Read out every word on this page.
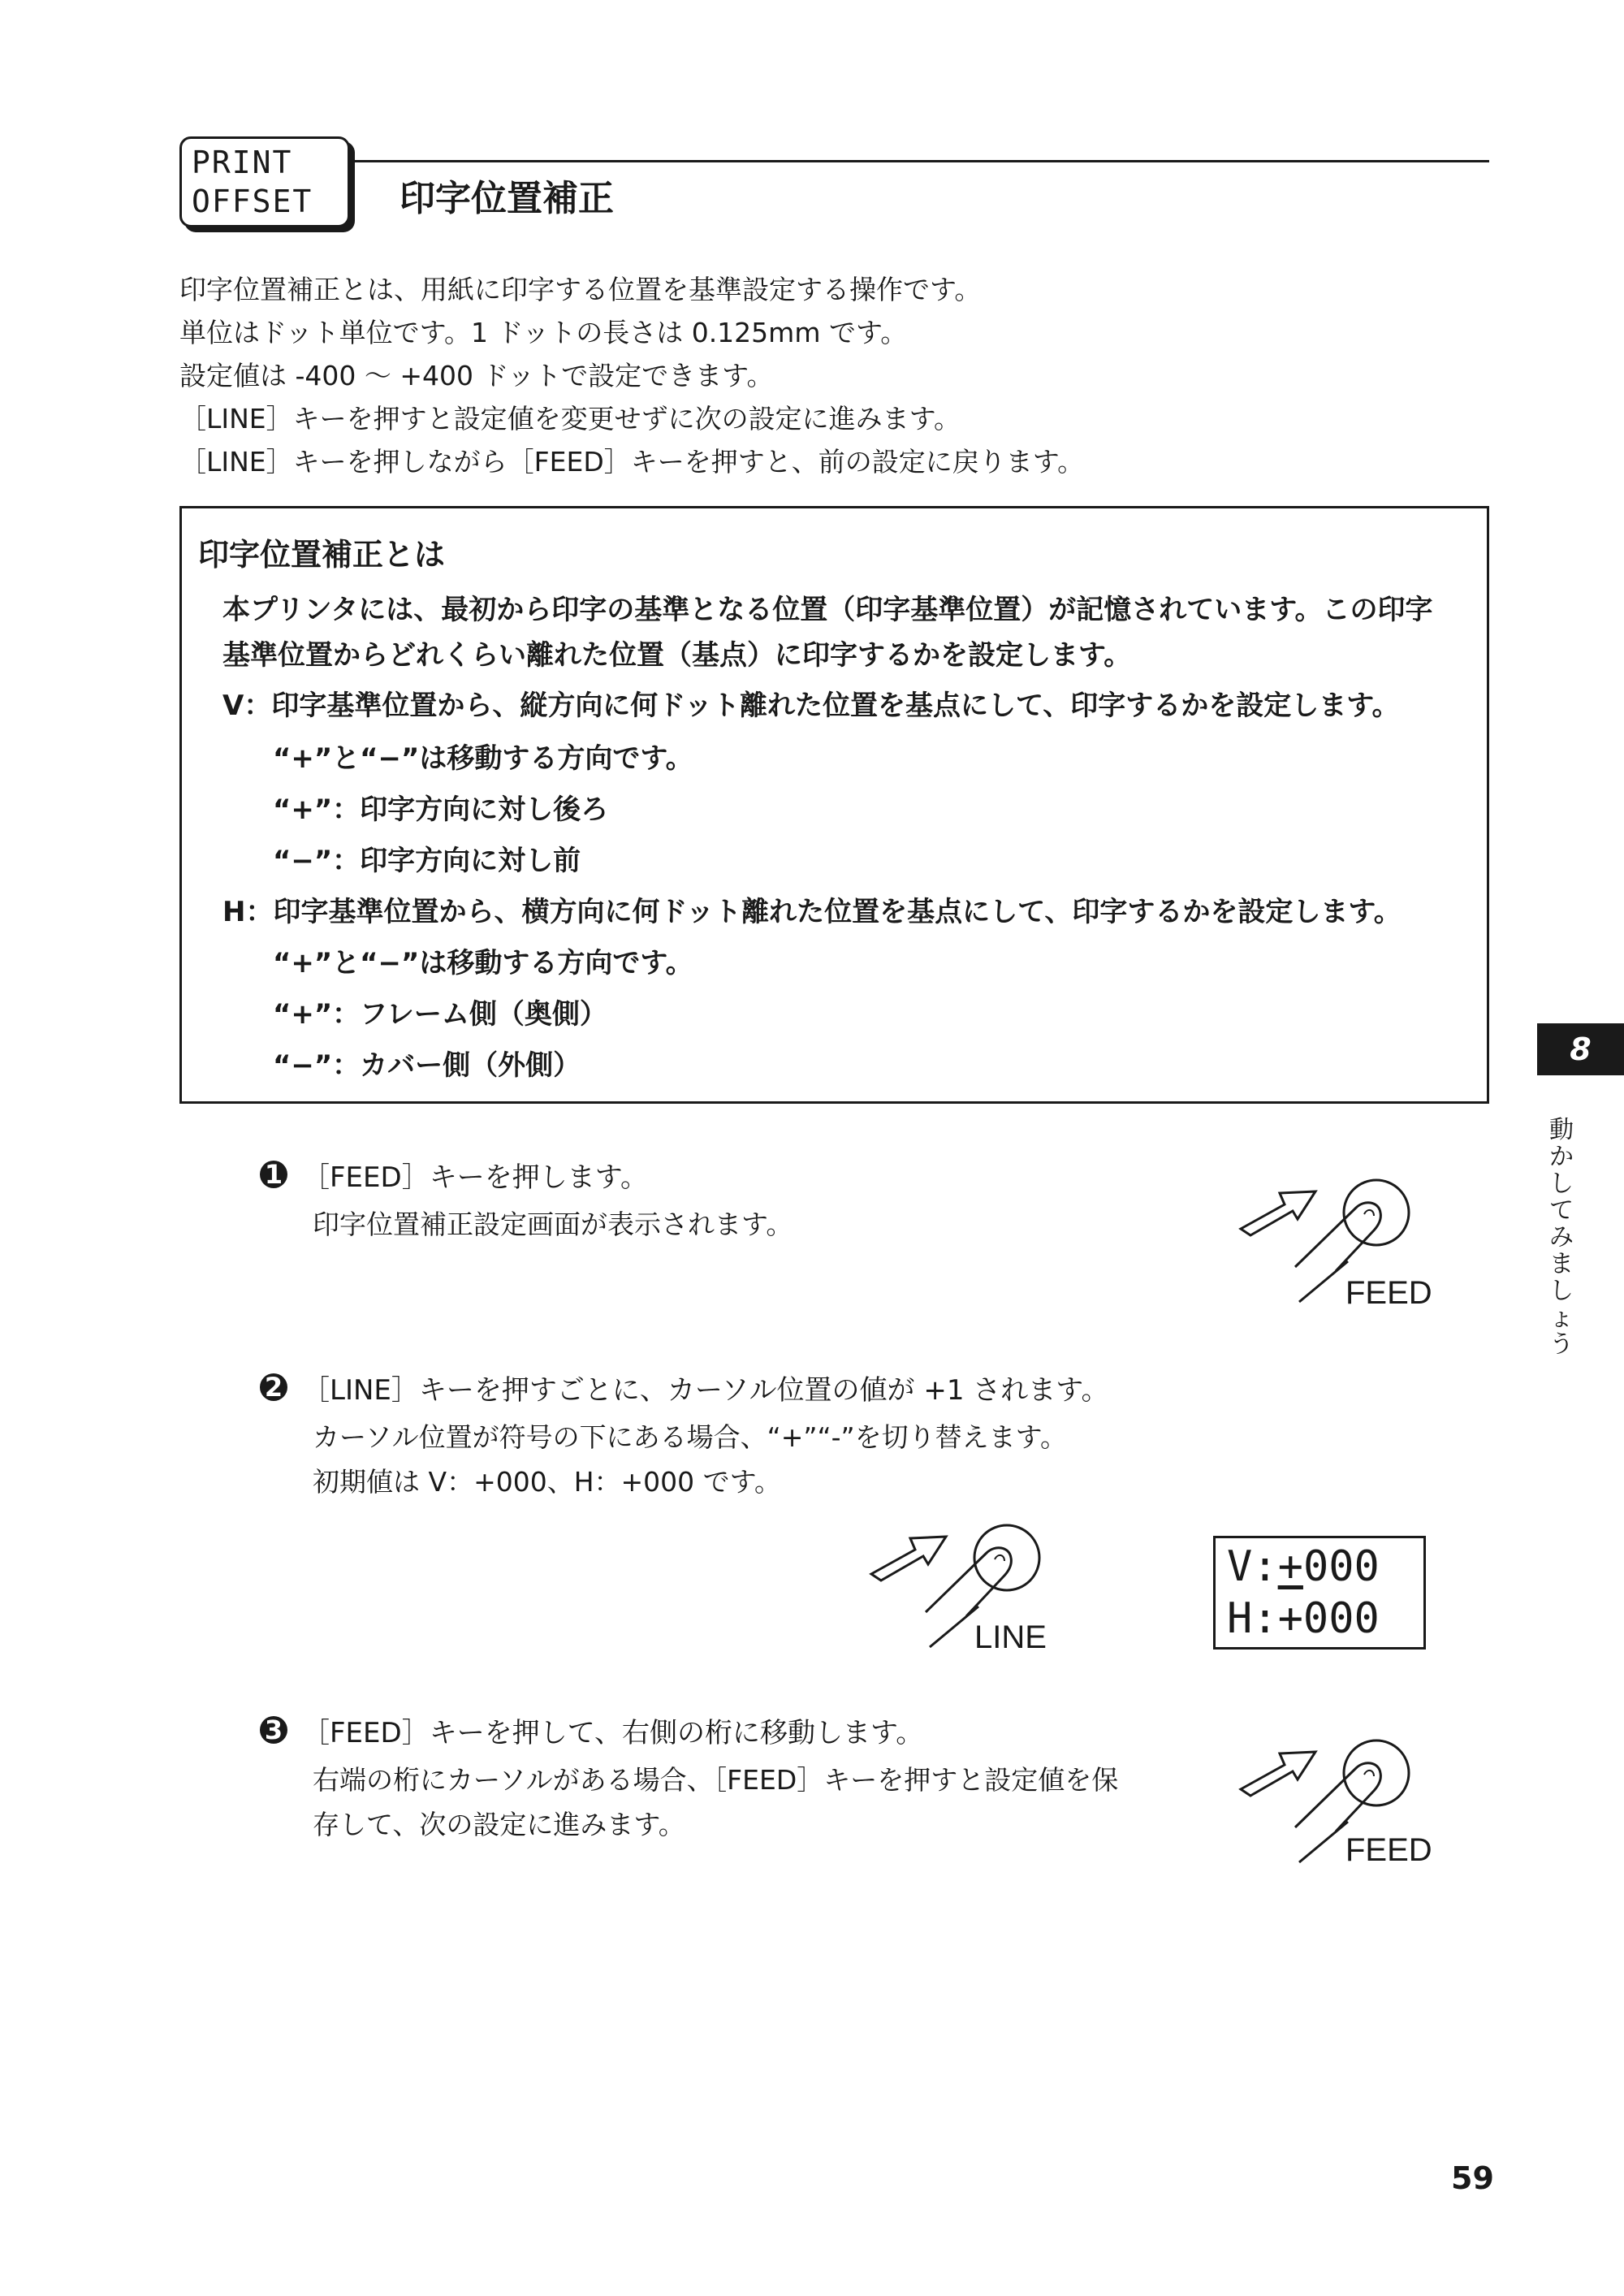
PRINT
OFFSET 印字位置補正
印字位置補正とは、用紙に印字する位置を基準設定する操作です。
単位はドット単位です。1 ドットの長さは 0.125mm です。
設定値は -400 〜 +400 ドットで設定できます。
［LINE］キーを押すと設定値を変更せずに次の設定に進みます。
［LINE］キーを押しながら［FEED］キーを押すと、前の設定に戻ります。
印字位置補正とは
本プリンタには、最初から印字の基準となる位置（印字基準位置）が記憶されています。この印字
基準位置からどれくらい離れた位置（基点）に印字するかを設定します。
V：印字基準位置から、縦方向に何ドット離れた位置を基点にして、印字するかを設定します。
“+”と“−”は移動する方向です。
“+”：印字方向に対し後ろ
“−”：印字方向に対し前
H：印字基準位置から、横方向に何ドット離れた位置を基点にして、印字するかを設定します。
“+”と“−”は移動する方向です。
“+”：フレーム側（奥側）
“−”：カバー側（外側）	8
動
か
し
て
み
ま
し
ょ
う
1 ［FEED］キーを押します。
印字位置補正設定画面が表示されます。
FEED
2 ［LINE］キーを押すごとに、カーソル位置の値が +1 されます。
カーソル位置が符号の下にある場合、“+”“-”を切り替えます。
初期値は V：+000、H：+000 です。
LINE
V:+000
H:+000
3 ［FEED］キーを押して、右側の桁に移動します。
右端の桁にカーソルがある場合、［FEED］キーを押すと設定値を保
存して、次の設定に進みます。
FEED
59
